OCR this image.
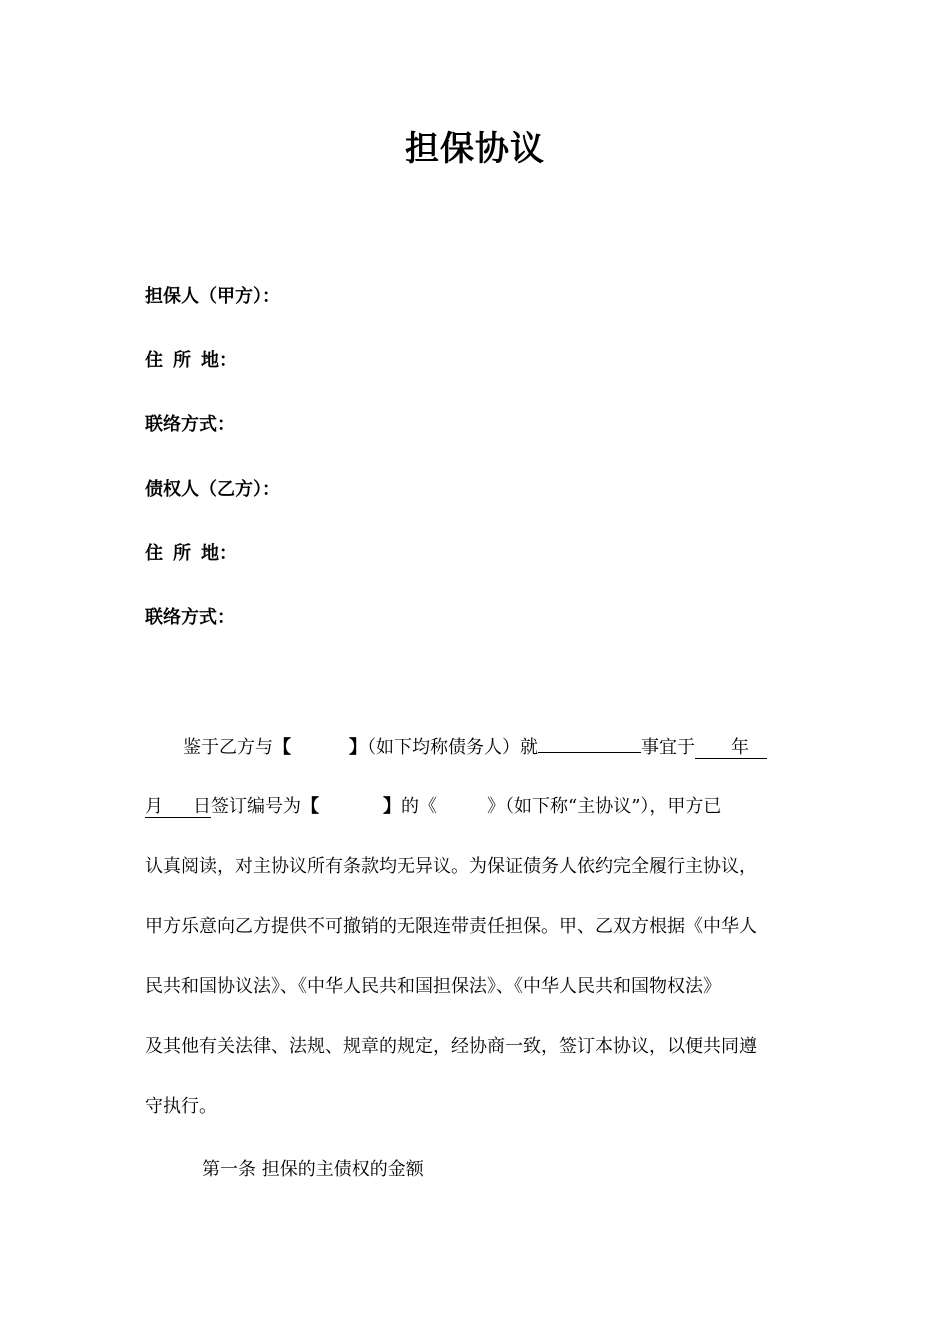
担保协议
担保人（甲方）：
住 所 地：
联络方式：
债权人（乙方）：
住 所 地：
联络方式：
鉴于乙方与【	】（如下均称债务人）就	事宜于 年
月 日签订编号为【	】的《	》（如下称“主协议”），甲方已
认真阅读，对主协议所有条款均无异议。为保证债务人依约完全履行主协议，
甲方乐意向乙方提供不可撤销的无限连带责任担保。甲、乙双方根据《中华人
民共和国协议法》、《中华人民共和国担保法》、《中华人民共和国物权法》
及其他有关法律、法规、规章的规定，经协商一致，签订本协议，以便共同遵
守执行。
第一条 担保的主债权的金额
